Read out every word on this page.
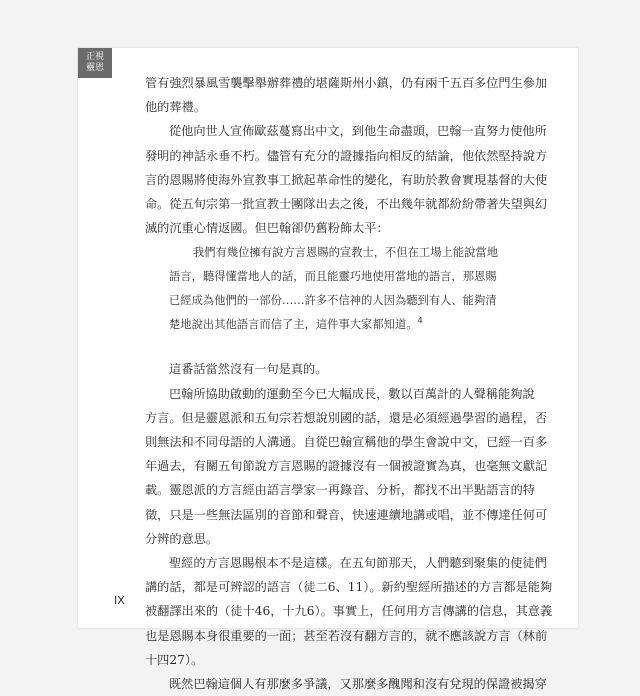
正視
靈恩

管有強烈暴風雪襲擊舉辦葬禮的堪薩斯州小鎮，仍有兩千五百多位門生參加
他的葬禮。

從他向世人宣佈歐茲蔓寫出中文，到他生命盡頭，巴翰一直努力使他所
發明的神話永垂不朽。儘管有充分的證據指向相反的結論，他依然堅持說方
言的恩賜將使海外宣教事工掀起革命性的變化，有助於教會實現基督的大使
命。從五旬宗第一批宣教士團隊出去之後，不出幾年就都紛紛帶著失望與幻
滅的沉重心情返國。但巴翰卻仍舊粉飾太平：

我們有幾位擁有說方言恩賜的宣教士，不但在工場上能說當地
語言，聽得懂當地人的話，而且能靈巧地使用當地的語言，那恩賜
已經成為他們的一部份……許多不信神的人因為聽到有人、能夠清
楚地說出其他語言而信了主，這件事大家都知道。$^4$

這番話當然沒有一句是真的。

巴翰所協助啟動的運動至今已大幅成長，數以百萬計的人聲稱能夠說
方言。但是靈恩派和五旬宗若想說別國的話，還是必須經過學習的過程，否
則無法和不同母語的人溝通。自從巴翰宣稱他的學生會說中文，已經一百多
年過去，有關五旬節說方言恩賜的證據沒有一個被證實為真，也毫無文獻記
載。靈恩派的方言經由語言學家一再錄音、分析，都找不出半點語言的特
徵，只是一些無法區別的音節和聲音，快速連續地講或唱，並不傳達任何可
分辨的意思。

聖經的方言恩賜根本不是這樣。在五旬節那天，人們聽到聚集的使徒們
講的話，都是可辨認的語言（徒二6、11）。新約聖經所描述的方言都是能夠
被翻譯出來的（徒十46，十九6）。事實上，任何用方言傳講的信息，其意義
也是恩賜本身很重要的一面；甚至若沒有翻方言的，就不應該說方言（林前
十四27）。

既然巴翰這個人有那麼多爭議，又那麼多醜聞和沒有兌現的保證被揭穿

IX
